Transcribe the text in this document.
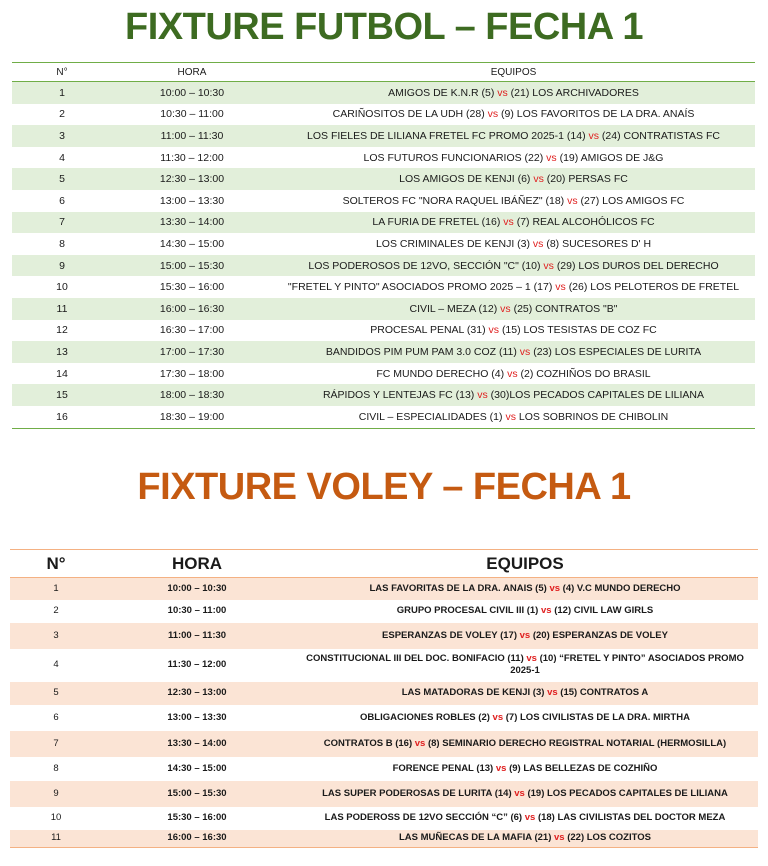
FIXTURE FUTBOL – FECHA 1
N°	HORA	EQUIPOS
1	10:00 – 10:30	AMIGOS DE K.N.R (5) vs (21) LOS ARCHIVADORES
2	10:30 – 11:00	CARIÑOSITOS DE LA UDH (28) vs (9) LOS FAVORITOS DE LA DRA. ANAÍS
3	11:00 – 11:30	LOS FIELES DE LILIANA FRETEL FC PROMO 2025-1 (14) vs (24) CONTRATISTAS FC
4	11:30 – 12:00	LOS FUTUROS FUNCIONARIOS (22) vs (19) AMIGOS DE J&G
5	12:30 – 13:00	LOS AMIGOS DE KENJI (6) vs (20) PERSAS FC
6	13:00 – 13:30	SOLTEROS FC "NORA RAQUEL IBÁÑEZ" (18) vs (27) LOS AMIGOS FC
7	13:30 – 14:00	LA FURIA DE FRETEL (16) vs (7) REAL ALCOHÓLICOS FC
8	14:30 – 15:00	LOS CRIMINALES DE KENJI (3) vs (8) SUCESORES D' H
9	15:00 – 15:30	LOS PODEROSOS DE 12VO, SECCIÓN "C" (10) vs (29) LOS DUROS DEL DERECHO
10	15:30 – 16:00	"FRETEL Y PINTO" ASOCIADOS PROMO 2025 – 1 (17) vs (26) LOS PELOTEROS DE FRETEL
11	16:00 – 16:30	CIVIL – MEZA (12) vs (25) CONTRATOS "B"
12	16:30 – 17:00	PROCESAL PENAL (31) vs (15) LOS TESISTAS DE COZ FC
13	17:00 – 17:30	BANDIDOS PIM PUM PAM 3.0 COZ (11) vs (23) LOS ESPECIALES DE LURITA
14	17:30 – 18:00	FC MUNDO DERECHO (4) vs (2) COZHIÑOS DO BRASIL
15	18:00 – 18:30	RÁPIDOS Y LENTEJAS FC (13) vs (30)LOS PECADOS CAPITALES DE LILIANA
16	18:30 – 19:00	CIVIL – ESPECIALIDADES (1) vs LOS SOBRINOS DE CHIBOLIN
FIXTURE VOLEY – FECHA 1
N°	HORA	EQUIPOS
1	10:00 – 10:30	LAS FAVORITAS DE LA DRA. ANAIS (5) vs (4) V.C MUNDO DERECHO
2	10:30 – 11:00	GRUPO PROCESAL CIVIL III (1) vs (12) CIVIL LAW GIRLS
3	11:00 – 11:30	ESPERANZAS DE VOLEY (17) vs (20) ESPERANZAS DE VOLEY
4	11:30 – 12:00	CONSTITUCIONAL III DEL DOC. BONIFACIO (11) vs (10) “FRETEL Y PINTO” ASOCIADOS PROMO 2025-1
5	12:30 – 13:00	LAS MATADORAS DE KENJI (3) vs (15) CONTRATOS A
6	13:00 – 13:30	OBLIGACIONES ROBLES (2) vs (7) LOS CIVILISTAS DE LA DRA. MIRTHA
7	13:30 – 14:00	CONTRATOS B (16) vs (8) SEMINARIO DERECHO REGISTRAL NOTARIAL (HERMOSILLA)
8	14:30 – 15:00	FORENCE PENAL (13) vs (9) LAS BELLEZAS DE COZHIÑO
9	15:00 – 15:30	LAS SUPER PODEROSAS DE LURITA (14) vs (19) LOS PECADOS CAPITALES DE LILIANA
10	15:30 – 16:00	LAS PODEROSS DE 12VO SECCIÓN “C” (6) vs (18) LAS CIVILISTAS DEL DOCTOR MEZA
11	16:00 – 16:30	LAS MUÑECAS DE LA MAFIA (21) vs (22) LOS COZITOS
